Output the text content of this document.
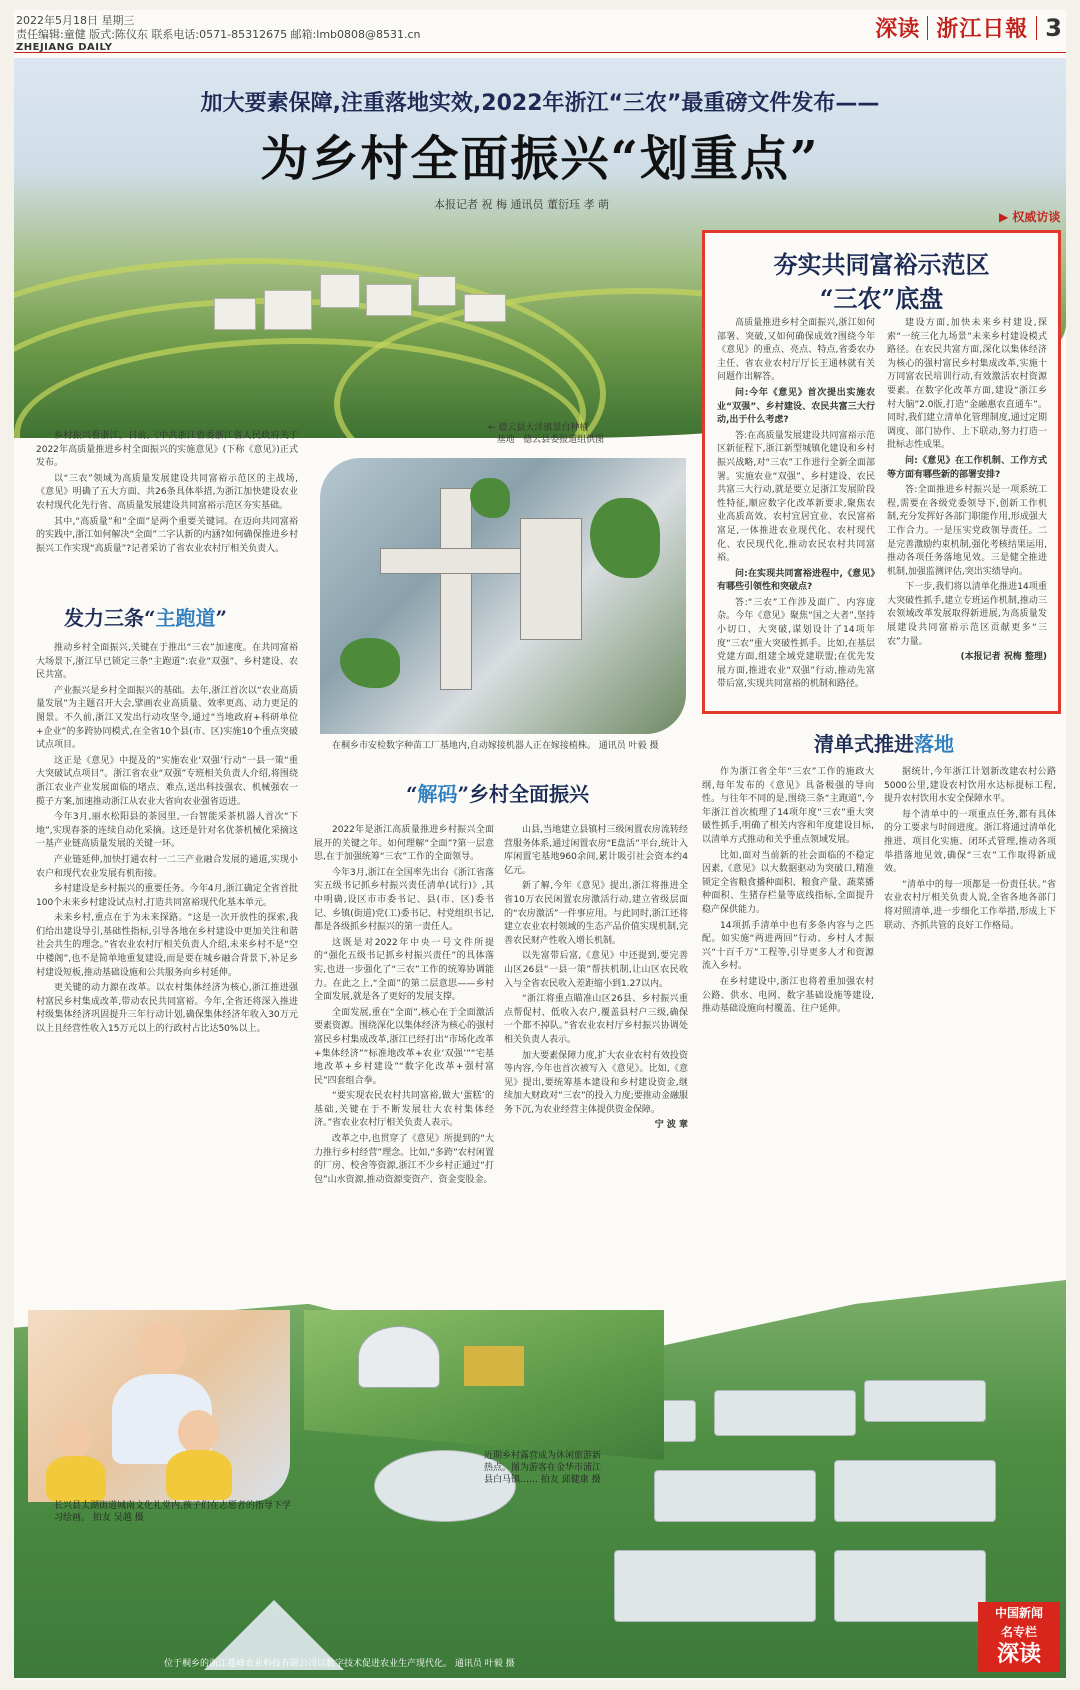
2022年5月18日 星期三
责任编辑:童健 版式:陈仪东 联系电话:0571-85312675 邮箱:lmb0808@8531.cn
ZHEJIANG DAILY
深读 浙江日報 3
加大要素保障,注重落地实效,2022年浙江“三农”最重磅文件发布——
为乡村全面振兴“划重点”
本报记者 祝 梅 通讯员 董衍珏 孝 萌
← 德云县大洋镇景白种植
基地   德云县委报道组供图
▶ 权威访谈

乡村振兴看浙江。日前,《中共浙江省委浙江省人民政府关于2022年高质量推进乡村全面振兴的实施意见》(下称《意见》)正式发布。

以“三农”领域为高质量发展建设共同富裕示范区的主战场,《意见》明确了五大方面、共26条具体举措,为浙江加快建设农业农村现代化先行省、高质量发展建设共同富裕示范区夯实基础。

其中,“高质量”和“全面”是两个重要关键词。在迈向共同富裕的实践中,浙江如何解决“全面”二字认新的内涵?如何确保推进乡村振兴工作实现“高质量”?记者采访了省农业农村厅相关负责人。

发力三条“主跑道”

推动乡村全面振兴,关键在于推出“三农”加速度。在共同富裕大场景下,浙江早已锁定三条“主跑道”:农业“双强”、乡村建设、农民共富。

产业振兴是乡村全面振兴的基础。去年,浙江首次以“农业高质量发展”为主题召开大会,擘画农业高质量、效率更高、动力更足的图景。不久前,浙江又发出行动攻坚令,通过“当地政府+科研单位+企业”的多跨协同模式,在全省10个县(市、区)实施10个重点突破试点项目。

这正是《意见》中提及的“实施农业‘双强’行动”一县一策“重大突破试点项目”。浙江省农业“双强”专班相关负责人介绍,将围绕浙江农业产业发展面临的堵点、难点,送出科技强农、机械强农一揽子方案,加速推动浙江从农业大省向农业强省迈进。

今年3月,丽水松阳县的茶园里,一台智能采茶机器人首次“下地”,实现春茶的连续自动化采摘。这还是针对名优茶机械化采摘这一基产业链高质量发展的关键一环。

产业链延伸,加快打通农村一二三产业融合发展的通道,实现小农户和现代农业发展有机衔接。

乡村建设是乡村振兴的重要任务。今年4月,浙江确定全省首批100个未来乡村建设试点村,打造共同富裕现代化基本单元。

未来乡村,重点在于为未来探路。“这是一次开放性的探索,我们给出建设导引,基础性指标,引导各地在乡村建设中更加关注和谐社会共生的理念。”省农业农村厅相关负责人介绍,未来乡村不是“空中楼阁”,也不是简单地重复建设,而是要在城乡融合背景下,补足乡村建设短板,推动基础设施和公共服务向乡村延伸。

更关键的动力源在改革。以农村集体经济为核心,浙江推进强村富民乡村集成改革,带动农民共同富裕。今年,全省还将深入推进村级集体经济巩固提升三年行动计划,确保集体经济年收入30万元以上且经营性收入15万元以上的行政村占比达50%以上。

在桐乡市安检数字种苗工厂基地内,自动嫁接机器人正在嫁接植株。 通讯员 叶毅 摄
夯实共同富裕示范区
“三农”底盘

高质量推进乡村全面振兴,浙江如何部署、突破,又如何确保成效?围绕今年《意见》的重点、亮点、特点,省委农办主任、省农业农村厅厅长王通林就有关问题作出解答。

问:今年《意见》首次提出实施农业“双强”、乡村建设、农民共富三大行动,出于什么考虑?

答:在高质量发展建设共同富裕示范区新征程下,浙江新型城镇化建设和乡村振兴战略,对“三农”工作进行全新全面部署。实施农业“双强”、乡村建设、农民共富三大行动,就是要立足浙江发展阶段性特征,顺应数字化改革新要求,聚焦农业高质高效、农村宜居宜业、农民富裕富足,一体推进农业现代化、农村现代化、农民现代化,推动农民农村共同富裕。

问:在实现共同富裕进程中,《意见》有哪些引领性和突破点?

答:“三农”工作涉及面广、内容庞杂。今年《意见》聚焦“国之大者”,坚持小切口、大突破,谋划设计了14项年度“三农”重大突破性抓手。比如,在基层党建方面,组建全域党建联盟;在优先发展方面,推进农业“双强”行动,推动先富带后富,实现共同富裕的机制和路径。

建设方面,加快未来乡村建设,探索“一统三化九场景”未来乡村建设模式路径。在农民共富方面,深化以集体经济为核心的强村富民乡村集成改革,实施十万同富农民培训行动,有效激活农村资源要素。在数字化改革方面,建设“浙江乡村大脑”2.0版,打造“金融惠农直通车”。同时,我们建立清单化管理制度,通过定期调度、部门协作、上下联动,努力打造一批标志性成果。

问:《意见》在工作机制、工作方式等方面有哪些新的部署安排?

答:全面推进乡村振兴是一项系统工程,需要在各级党委领导下,创新工作机制,充分发挥好各部门职能作用,形成强大工作合力。一是压实党政领导责任。二是完善激励约束机制,强化考核结果运用,推动各项任务落地见效。三是健全推进机制,加强监测评估,突出实绩导向。

下一步,我们将以清单化推进14项重大突破性抓手,建立专班运作机制,推动三农领域改革发展取得新进展,为高质量发展建设共同富裕示范区贡献更多“三农”力量。

(本报记者 祝梅 整理)

“解码”乡村全面振兴

2022年是浙江高质量推进乡村振兴全面展开的关键之年。如何理解“全面”?第一层意思,在于加强统筹“三农”工作的全面领导。

今年3月,浙江在全国率先出台《浙江省落实五级书记抓乡村振兴责任清单(试行)》,其中明确,设区市市委书记、县(市、区)委书记、乡镇(街道)党(工)委书记、村党组织书记,都是各级抓乡村振兴的第一责任人。

这既是对2022年中央一号文件所提的“强化五级书记抓乡村振兴责任”的具体落实,也进一步强化了“三农”工作的统筹协调能力。在此之上,“全面”的第二层意思——乡村全面发展,就是各了更好的发展支撑。

全面发展,重在“全面”,核心在于全面激活要素资源。围绕深化以集体经济为核心的强村富民乡村集成改革,浙江已经打出“市场化改革+集体经济”“标准地改革+农业‘双强’”“宅基地改革+乡村建设”“数字化改革+强村富民”四套组合拳。

“要实现农民农村共同富裕,做大‘蛋糕’的基础,关键在于不断发展壮大农村集体经济。”省农业农村厅相关负责人表示。

改革之中,也贯穿了《意见》所提到的“大力推行乡村经营”理念。比如,“多跨”农村闲置的厂房、校舍等资源,浙江不少乡村正通过“打包”山水资源,推动资源变资产、资金变股金。

山县,当地建立县镇村三级闲置农房流转经营服务体系,通过闲置农房“E盘活”平台,统计入库闲置宅基地960余间,累计吸引社会资本约4亿元。

新了解,今年《意见》提出,浙江将推进全省10万农民闲置农房激活行动,建立省级层面的“农房激活”一件事应用。与此同时,浙江还将建立农业农村领域的生态产品价值实现机制,完善农民财产性收入增长机制。

以先富带后富,《意见》中还提到,要完善山区26县“一县一策”帮扶机制,让山区农民收入与全省农民收入差距缩小到1.27以内。

“浙江将重点瞄准山区26县、乡村振兴重点帮促村、低收入农户,覆盖县村户三级,确保一个都不掉队。”省农业农村厅乡村振兴协调处相关负责人表示。

加大要素保障力度,扩大农业农村有效投资等内容,今年也首次被写入《意见》。比如,《意见》提出,要统筹基本建设和乡村建设资金,继续加大财政对“三农”的投入力度;要推动金融服务下沉,为农业经营主体提供资金保障。

宁 波 章

清单式推进落地

作为浙江省全年“三农”工作的施政大纲,每年发布的《意见》具备极强的导向性。与往年不同的是,围绕三条“主跑道”,今年浙江首次梳理了14项年度“三农”重大突破性抓手,明确了相关内容和年度建设目标,以清单方式推动和关乎重点领域发展。

比如,面对当前新的社会面临的不稳定因素,《意见》以大数据驱动为突破口,精准锁定全省粮食播种面积、粮食产量、蔬菜播种面积、生猪存栏量等底线指标,全面提升稳产保供能力。

14项抓手清单中也有多条内容与之匹配。如实施“两进两回”行动、乡村人才振兴“十百千万”工程等,引导更多人才和资源流入乡村。

在乡村建设中,浙江也将着重加强农村公路、供水、电网、数字基础设施等建设,推动基础设施向村覆盖、往户延伸。

据统计,今年浙江计划新改建农村公路5000公里,建设农村饮用水达标提标工程,提升农村饮用水安全保障水平。

每个清单中的一项重点任务,都有具体的分工要求与时间进度。浙江将通过清单化推进、项目化实施、闭环式管理,推动各项举措落地见效,确保“三农”工作取得新成效。

“清单中的每一项都是一份责任状。”省农业农村厅相关负责人说,全省各地各部门将对照清单,进一步细化工作举措,形成上下联动、齐抓共管的良好工作格局。

长兴县太湖街道城南文化礼堂内,孩子们在志愿者的指导下学习绘画。 拍友 吴越 摄
近期乡村露营成为休闲旅游新热点。图为游客在金华市浦江县白马镇…… 拍友 邱健康 摄
位于桐乡的浙江蔓峰农业科技有限公司以数字技术促进农业生产现代化。 通讯员 叶毅 摄
中国新闻
名专栏
深读
